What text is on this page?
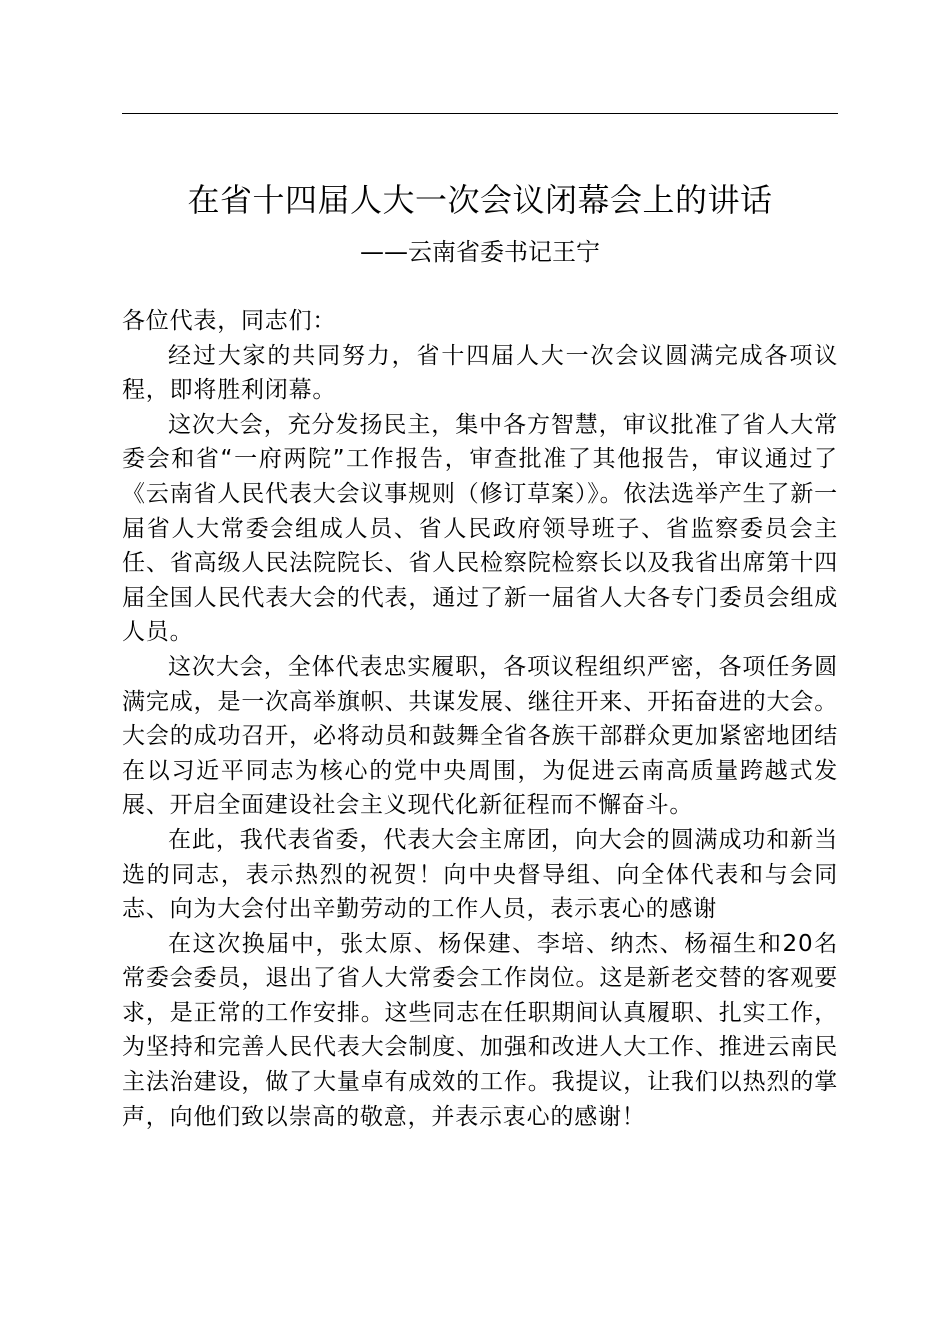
在省十四届人大一次会议闭幕会上的讲话
——云南省委书记王宁

各位代表，同志们：

经过大家的共同努力，省十四届人大一次会议圆满完成各项议程，即将胜利闭幕。

这次大会，充分发扬民主，集中各方智慧，审议批准了省人大常委会和省“一府两院”工作报告，审查批准了其他报告，审议通过了《云南省人民代表大会议事规则（修订草案）》。依法选举产生了新一届省人大常委会组成人员、省人民政府领导班子、省监察委员会主任、省高级人民法院院长、省人民检察院检察长以及我省出席第十四届全国人民代表大会的代表，通过了新一届省人大各专门委员会组成人员。

这次大会，全体代表忠实履职，各项议程组织严密，各项任务圆满完成，是一次高举旗帜、共谋发展、继往开来、开拓奋进的大会。大会的成功召开，必将动员和鼓舞全省各族干部群众更加紧密地团结在以习近平同志为核心的党中央周围，为促进云南高质量跨越式发展、开启全面建设社会主义现代化新征程而不懈奋斗。

在此，我代表省委，代表大会主席团，向大会的圆满成功和新当选的同志，表示热烈的祝贺！向中央督导组、向全体代表和与会同志、向为大会付出辛勤劳动的工作人员，表示衷心的感谢

在这次换届中，张太原、杨保建、李培、纳杰、杨福生和20名常委会委员，退出了省人大常委会工作岗位。这是新老交替的客观要求，是正常的工作安排。这些同志在任职期间认真履职、扎实工作，为坚持和完善人民代表大会制度、加强和改进人大工作、推进云南民主法治建设，做了大量卓有成效的工作。我提议，让我们以热烈的掌声，向他们致以崇高的敬意，并表示衷心的感谢！
